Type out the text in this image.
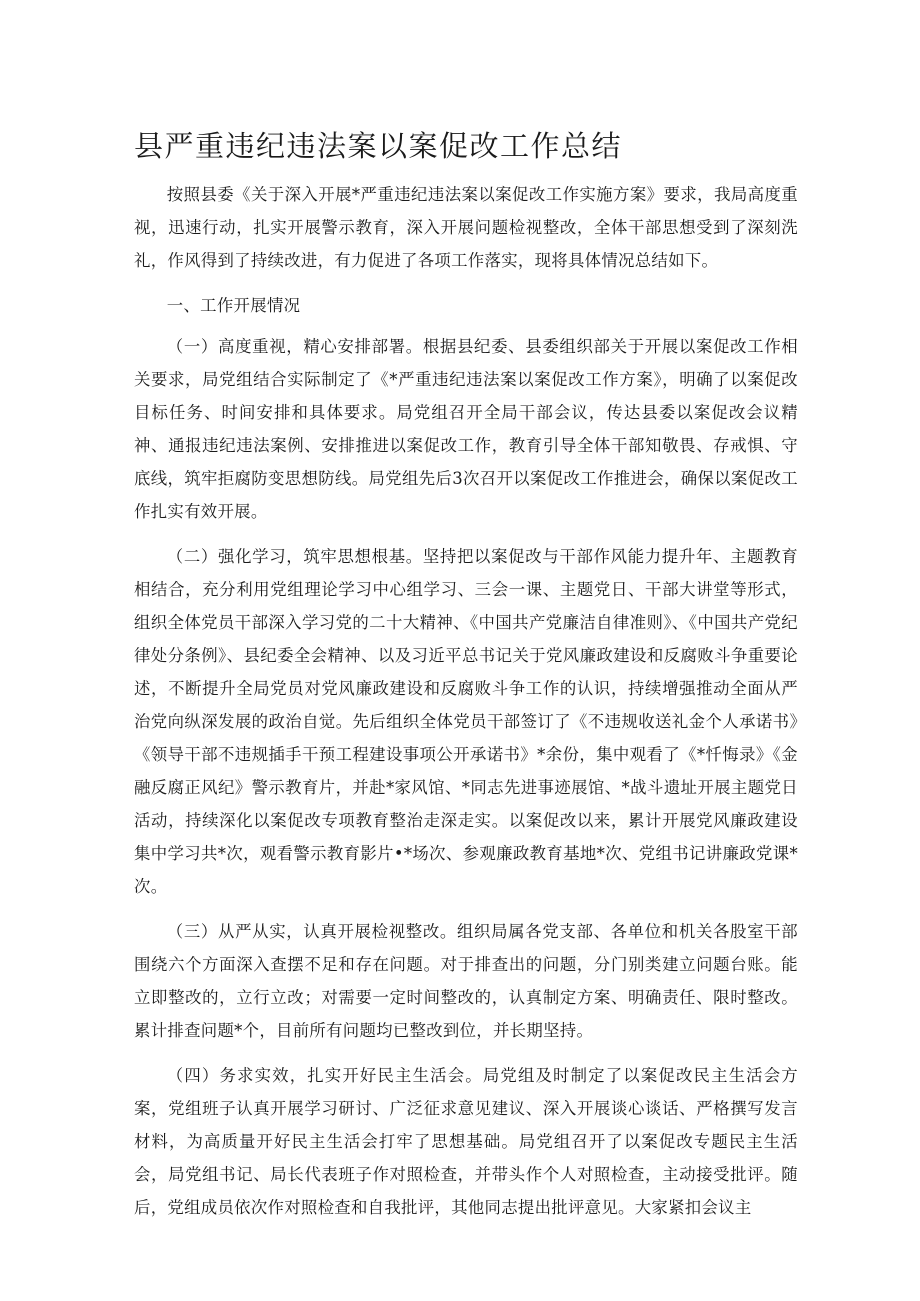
县严重违纪违法案以案促改工作总结

按照县委《关于深入开展*严重违纪违法案以案促改工作实施方案》要求，我局高度重视，迅速行动，扎实开展警示教育，深入开展问题检视整改，全体干部思想受到了深刻洗礼，作风得到了持续改进，有力促进了各项工作落实，现将具体情况总结如下。

一、工作开展情况

（一）高度重视，精心安排部署。根据县纪委、县委组织部关于开展以案促改工作相关要求，局党组结合实际制定了《*严重违纪违法案以案促改工作方案》，明确了以案促改目标任务、时间安排和具体要求。局党组召开全局干部会议，传达县委以案促改会议精神、通报违纪违法案例、安排推进以案促改工作，教育引导全体干部知敬畏、存戒惧、守底线，筑牢拒腐防变思想防线。局党组先后3次召开以案促改工作推进会，确保以案促改工作扎实有效开展。

（二）强化学习，筑牢思想根基。坚持把以案促改与干部作风能力提升年、主题教育相结合，充分利用党组理论学习中心组学习、三会一课、主题党日、干部大讲堂等形式，组织全体党员干部深入学习党的二十大精神、《中国共产党廉洁自律准则》、《中国共产党纪律处分条例》、县纪委全会精神、以及习近平总书记关于党风廉政建设和反腐败斗争重要论述，不断提升全局党员对党风廉政建设和反腐败斗争工作的认识，持续增强推动全面从严治党向纵深发展的政治自觉。先后组织全体党员干部签订了《不违规收送礼金个人承诺书》《领导干部不违规插手干预工程建设事项公开承诺书》*余份，集中观看了《*忏悔录》《金融反腐正风纪》警示教育片，并赴*家风馆、*同志先进事迹展馆、*战斗遗址开展主题党日活动，持续深化以案促改专项教育整治走深走实。以案促改以来，累计开展党风廉政建设集中学习共*次，观看警示教育影片•*场次、参观廉政教育基地*次、党组书记讲廉政党课*次。

（三）从严从实，认真开展检视整改。组织局属各党支部、各单位和机关各股室干部围绕六个方面深入查摆不足和存在问题。对于排查出的问题，分门别类建立问题台账。能立即整改的，立行立改；对需要一定时间整改的，认真制定方案、明确责任、限时整改。累计排查问题*个，目前所有问题均已整改到位，并长期坚持。

（四）务求实效，扎实开好民主生活会。局党组及时制定了以案促改民主生活会方案，党组班子认真开展学习研讨、广泛征求意见建议、深入开展谈心谈话、严格撰写发言材料，为高质量开好民主生活会打牢了思想基础。局党组召开了以案促改专题民主生活会，局党组书记、局长代表班子作对照检查，并带头作个人对照检查，主动接受批评。随后，党组成员依次作对照检查和自我批评，其他同志提出批评意见。大家紧扣会议主
